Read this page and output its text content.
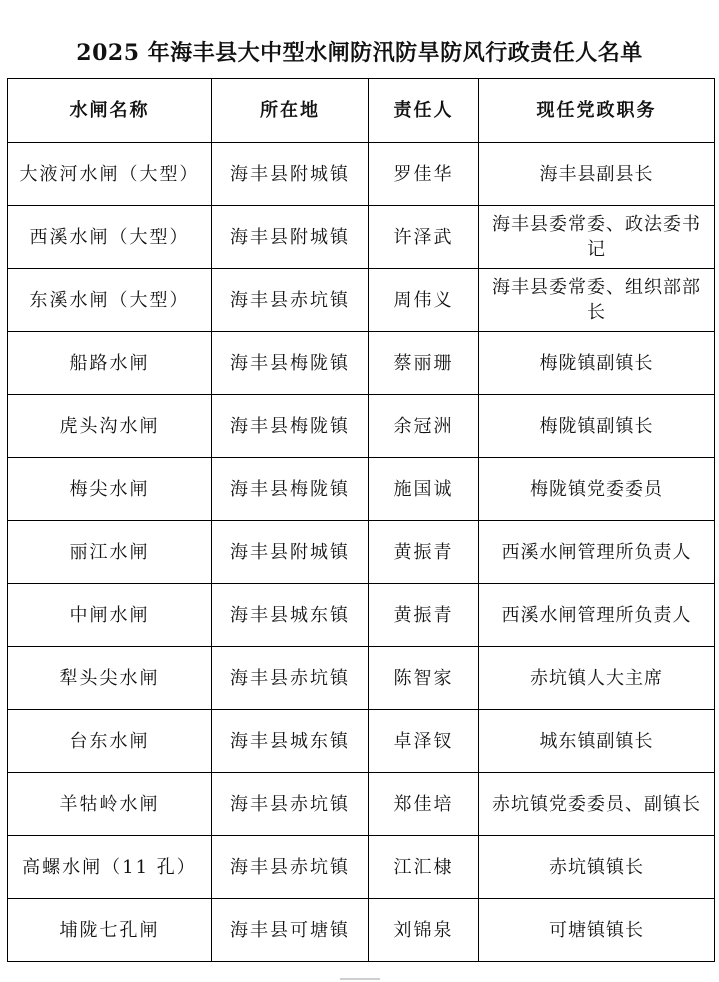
2025 年海丰县大中型水闸防汛防旱防风行政责任人名单
水闸名称	所在地	责任人	现任党政职务
大液河水闸（大型）	海丰县附城镇	罗佳华	海丰县副县长
西溪水闸（大型）	海丰县附城镇	许泽武	海丰县委常委、政法委书记
东溪水闸（大型）	海丰县赤坑镇	周伟义	海丰县委常委、组织部部长
船路水闸	海丰县梅陇镇	蔡丽珊	梅陇镇副镇长
虎头沟水闸	海丰县梅陇镇	余冠洲	梅陇镇副镇长
梅尖水闸	海丰县梅陇镇	施国诚	梅陇镇党委委员
丽江水闸	海丰县附城镇	黄振青	西溪水闸管理所负责人
中闸水闸	海丰县城东镇	黄振青	西溪水闸管理所负责人
犁头尖水闸	海丰县赤坑镇	陈智家	赤坑镇人大主席
台东水闸	海丰县城东镇	卓泽钗	城东镇副镇长
羊牯岭水闸	海丰县赤坑镇	郑佳培	赤坑镇党委委员、副镇长
高螺水闸（11 孔）	海丰县赤坑镇	江汇棣	赤坑镇镇长
埔陇七孔闸	海丰县可塘镇	刘锦泉	可塘镇镇长
